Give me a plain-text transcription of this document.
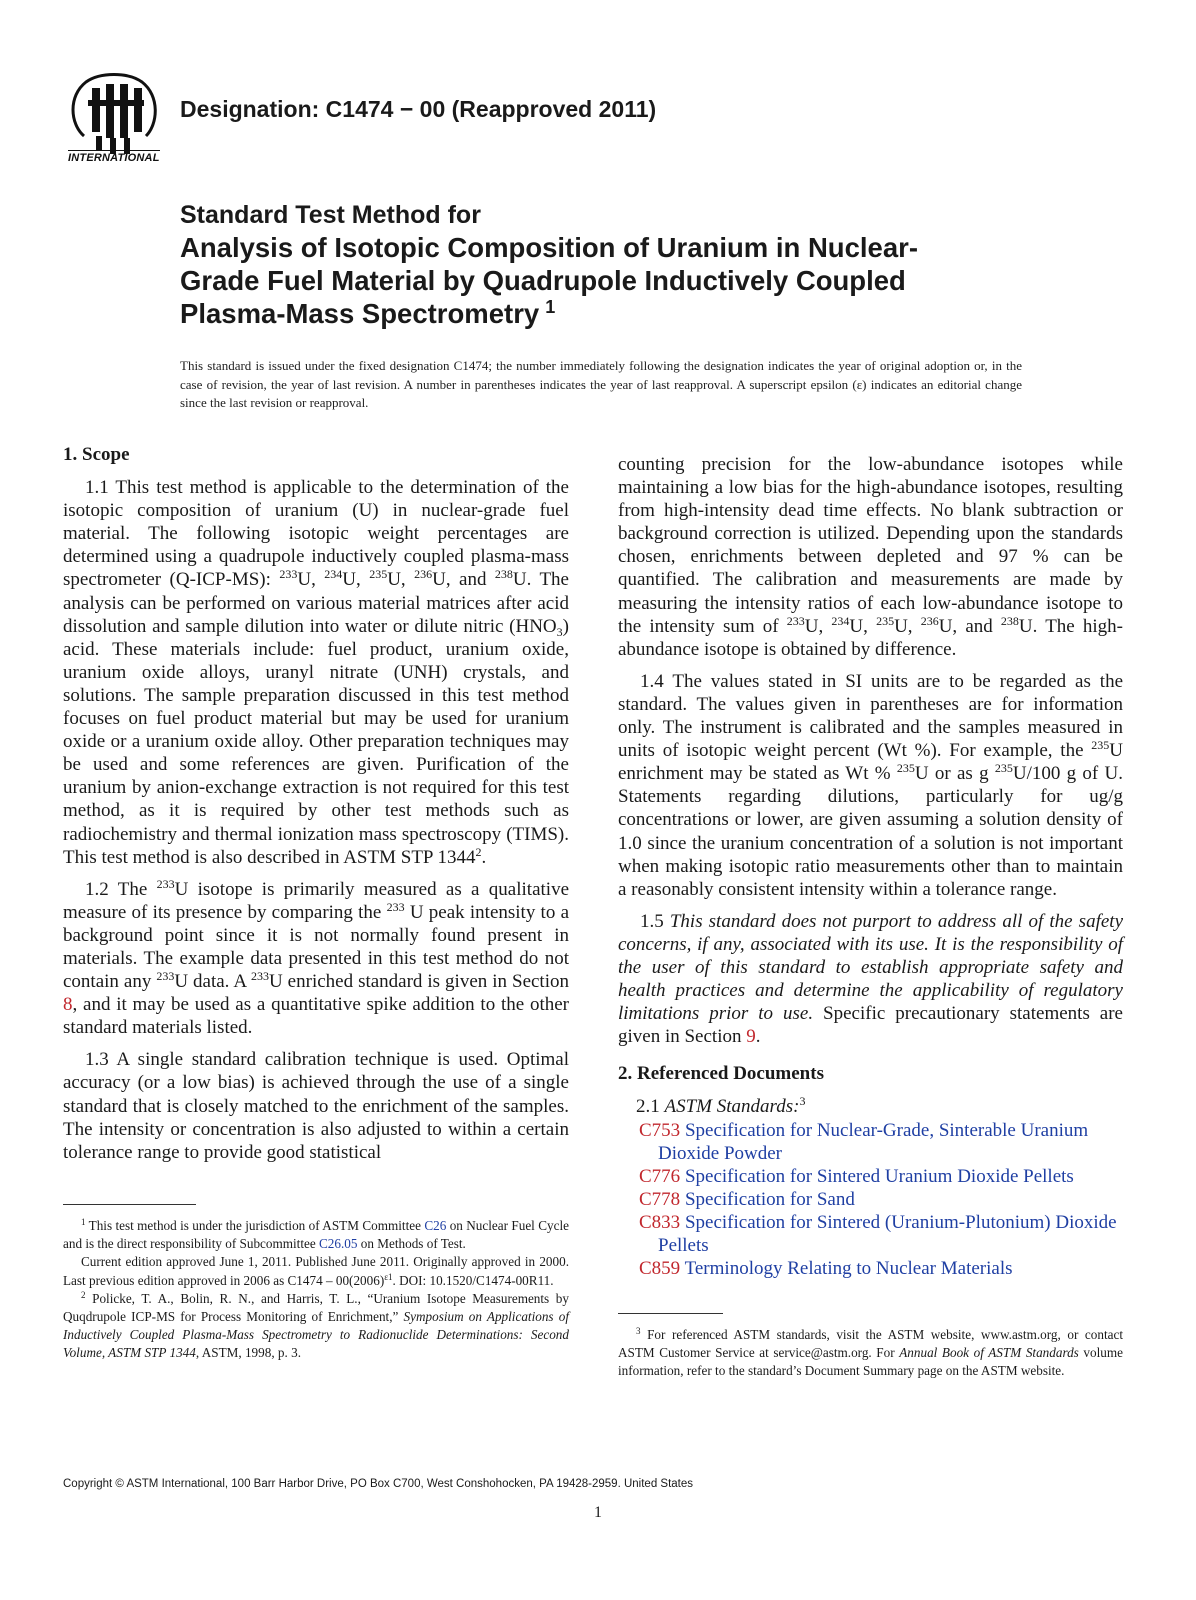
INTERNATIONAL
Designation: C1474 − 00 (Reapproved 2011)
Standard Test Method for
Analysis of Isotopic Composition of Uranium in Nuclear-
Grade Fuel Material by Quadrupole Inductively Coupled
Plasma-Mass Spectrometry $^1$
This standard is issued under the fixed designation C1474; the number immediately following the designation indicates the year of original adoption or, in the case of revision, the year of last revision. A number in parentheses indicates the year of last reapproval. A superscript epsilon (ε) indicates an editorial change since the last revision or reapproval.
1. Scope

1.1 This test method is applicable to the determination of the isotopic composition of uranium (U) in nuclear-grade fuel material. The following isotopic weight percentages are determined using a quadrupole inductively coupled plasma-mass spectrometer (Q-ICP-MS): $^{233}$U, $^{234}$U, $^{235}$U, $^{236}$U, and $^{238}$U. The analysis can be performed on various material matrices after acid dissolution and sample dilution into water or dilute nitric $(HNO_3)$ acid. These materials include: fuel product, uranium oxide, uranium oxide alloys, uranyl nitrate (UNH) crystals, and solutions. The sample preparation discussed in this test method focuses on fuel product material but may be used for uranium oxide or a uranium oxide alloy. Other preparation techniques may be used and some references are given. Purification of the uranium by anion-exchange extraction is not required for this test method, as it is required by other test methods such as radiochemistry and thermal ionization mass spectroscopy (TIMS). This test method is also described in ASTM STP 1344$^2$.

1.2 The $^{233}$U isotope is primarily measured as a qualitative measure of its presence by comparing the $^{233}$ U peak intensity to a background point since it is not normally found present in materials. The example data presented in this test method do not contain any $^{233}$U data. A $^{233}$U enriched standard is given in Section 8, and it may be used as a quantitative spike addition to the other standard materials listed.

1.3 A single standard calibration technique is used. Optimal accuracy (or a low bias) is achieved through the use of a single standard that is closely matched to the enrichment of the samples. The intensity or concentration is also adjusted to within a certain tolerance range to provide good statistical

counting precision for the low-abundance isotopes while maintaining a low bias for the high-abundance isotopes, resulting from high-intensity dead time effects. No blank subtraction or background correction is utilized. Depending upon the standards chosen, enrichments between depleted and 97 % can be quantified. The calibration and measurements are made by measuring the intensity ratios of each low-abundance isotope to the intensity sum of $^{233}$U, $^{234}$U, $^{235}$U, $^{236}$U, and $^{238}$U. The high-abundance isotope is obtained by difference.

1.4 The values stated in SI units are to be regarded as the standard. The values given in parentheses are for information only. The instrument is calibrated and the samples measured in units of isotopic weight percent (Wt %). For example, the $^{235}$U enrichment may be stated as Wt % $^{235}$U or as g $^{235}$U/100 g of U. Statements regarding dilutions, particularly for ug/g concentrations or lower, are given assuming a solution density of 1.0 since the uranium concentration of a solution is not important when making isotopic ratio measurements other than to maintain a reasonably consistent intensity within a tolerance range.

1.5 This standard does not purport to address all of the safety concerns, if any, associated with its use. It is the responsibility of the user of this standard to establish appropriate safety and health practices and determine the applicability of regulatory limitations prior to use. Specific precautionary statements are given in Section 9.

2. Referenced Documents
2.1 ASTM Standards:$^3$
C753 Specification for Nuclear-Grade, Sinterable Uranium Dioxide Powder
C776 Specification for Sintered Uranium Dioxide Pellets
C778 Specification for Sand
C833 Specification for Sintered (Uranium-Plutonium) Dioxide Pellets
C859 Terminology Relating to Nuclear Materials

$^1$ This test method is under the jurisdiction of ASTM Committee C26 on Nuclear Fuel Cycle and is the direct responsibility of Subcommittee C26.05 on Methods of Test.

Current edition approved June 1, 2011. Published June 2011. Originally approved in 2000. Last previous edition approved in 2006 as $C1474 - 00(2006)^{\varepsilon 1}$. DOI: 10.1520/C1474-00R11.

$^2$ Policke, T. A., Bolin, R. N., and Harris, T. L., “Uranium Isotope Measurements by Quqdrupole ICP-MS for Process Monitoring of Enrichment,” Symposium on Applications of Inductively Coupled Plasma-Mass Spectrometry to Radionuclide Determinations: Second Volume, ASTM STP 1344, ASTM, 1998, p. 3.

$^3$ For referenced ASTM standards, visit the ASTM website, www.astm.org, or contact ASTM Customer Service at service@astm.org. For Annual Book of ASTM Standards volume information, refer to the standard’s Document Summary page on the ASTM website.

Copyright © ASTM International, 100 Barr Harbor Drive, PO Box C700, West Conshohocken, PA 19428-2959. United States
1
